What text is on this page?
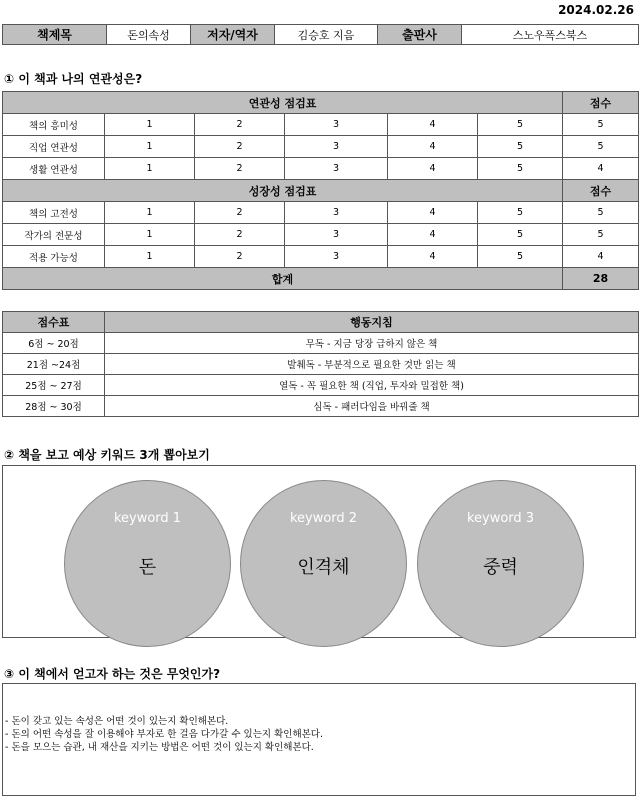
2024.02.26
책제목	돈의속성	저자/역자	김승호 지음	출판사	스노우폭스북스
① 이 책과 나의 연관성은?
연관성 점검표						점수
책의 흥미성	1	2	3	4	5	5
직업 연관성	1	2	3	4	5	5
생활 연관성	1	2	3	4	5	4
성장성 점검표						점수
책의 고전성	1	2	3	4	5	5
작가의 전문성	1	2	3	4	5	5
적용 가능성	1	2	3	4	5	4
합계						28
점수표	행동지침
6점 ~ 20점	무독 - 지금 당장 급하지 않은 책
21점 ~24점	발췌독 - 부분적으로 필요한 것만 읽는 책
25점 ~ 27점	열독 - 꼭 필요한 책 (직업, 투자와 밀접한 책)
28점 ~ 30점	심독 - 패러다임을 바꿔줄 책
② 책을 보고 예상 키워드 3개 뽑아보기
keyword 1
돈
keyword 2
인격체
keyword 3
중력
③ 이 책에서 얻고자 하는 것은 무엇인가?
- 돈이 갖고 있는 속성은 어떤 것이 있는지 확인해본다.
- 돈의 어떤 속성을 잘 이용해야 부자로 한 걸음 다가갈 수 있는지 확인해본다.
- 돈을 모으는 습관, 내 재산을 지키는 방법은 어떤 것이 있는지 확인해본다.
